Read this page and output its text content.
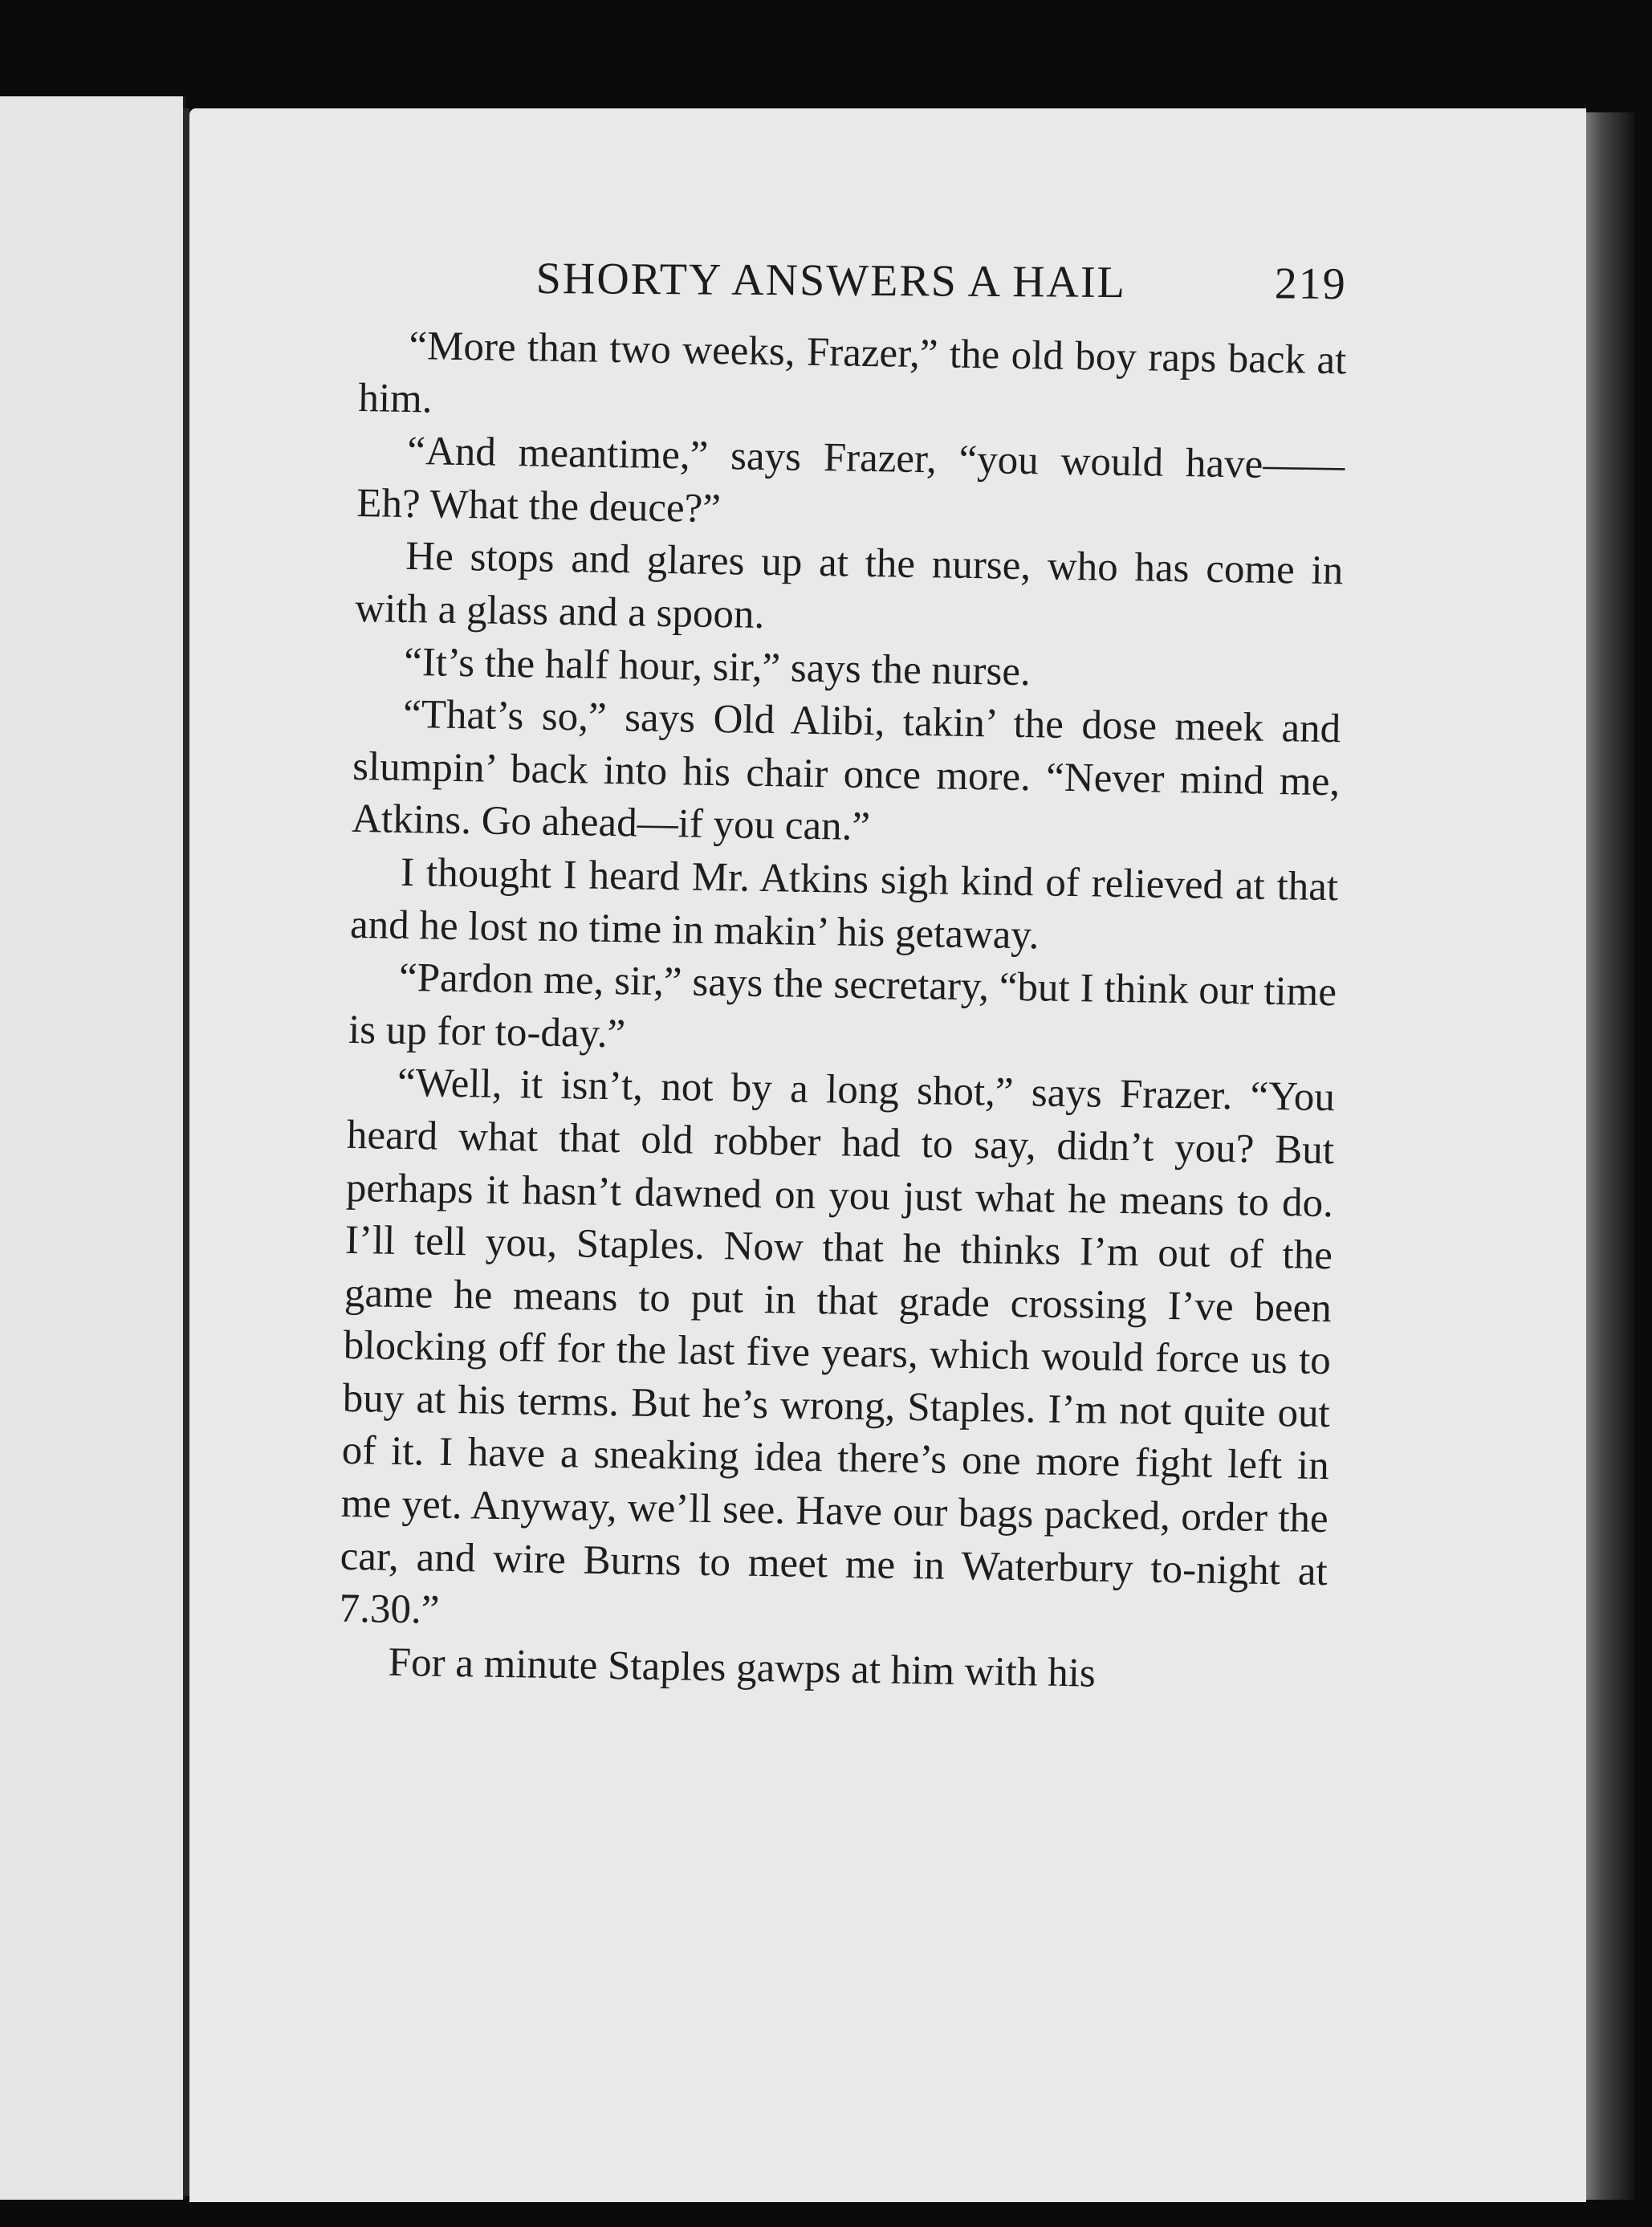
SHORTY ANSWERS A HAIL	219

“More than two weeks, Frazer,” the old boy raps back at him.

“And meantime,” says Frazer, “you would have—— Eh? What the deuce?”

He stops and glares up at the nurse, who has come in with a glass and a spoon.

“It’s the half hour, sir,” says the nurse.

“That’s so,” says Old Alibi, takin’ the dose meek and slumpin’ back into his chair once more. “Never mind me, Atkins. Go ahead—if you can.”

I thought I heard Mr. Atkins sigh kind of relieved at that and he lost no time in makin’ his getaway.

“Pardon me, sir,” says the secretary, “but I think our time is up for to-day.”

“Well, it isn’t, not by a long shot,” says Frazer. “You heard what that old robber had to say, didn’t you? But perhaps it hasn’t dawned on you just what he means to do. I’ll tell you, Staples. Now that he thinks I’m out of the game he means to put in that grade crossing I’ve been blocking off for the last five years, which would force us to buy at his terms. But he’s wrong, Staples. I’m not quite out of it. I have a sneaking idea there’s one more fight left in me yet. Anyway, we’ll see. Have our bags packed, order the car, and wire Burns to meet me in Waterbury to-night at 7.30.”

For a minute Staples gawps at him with his
